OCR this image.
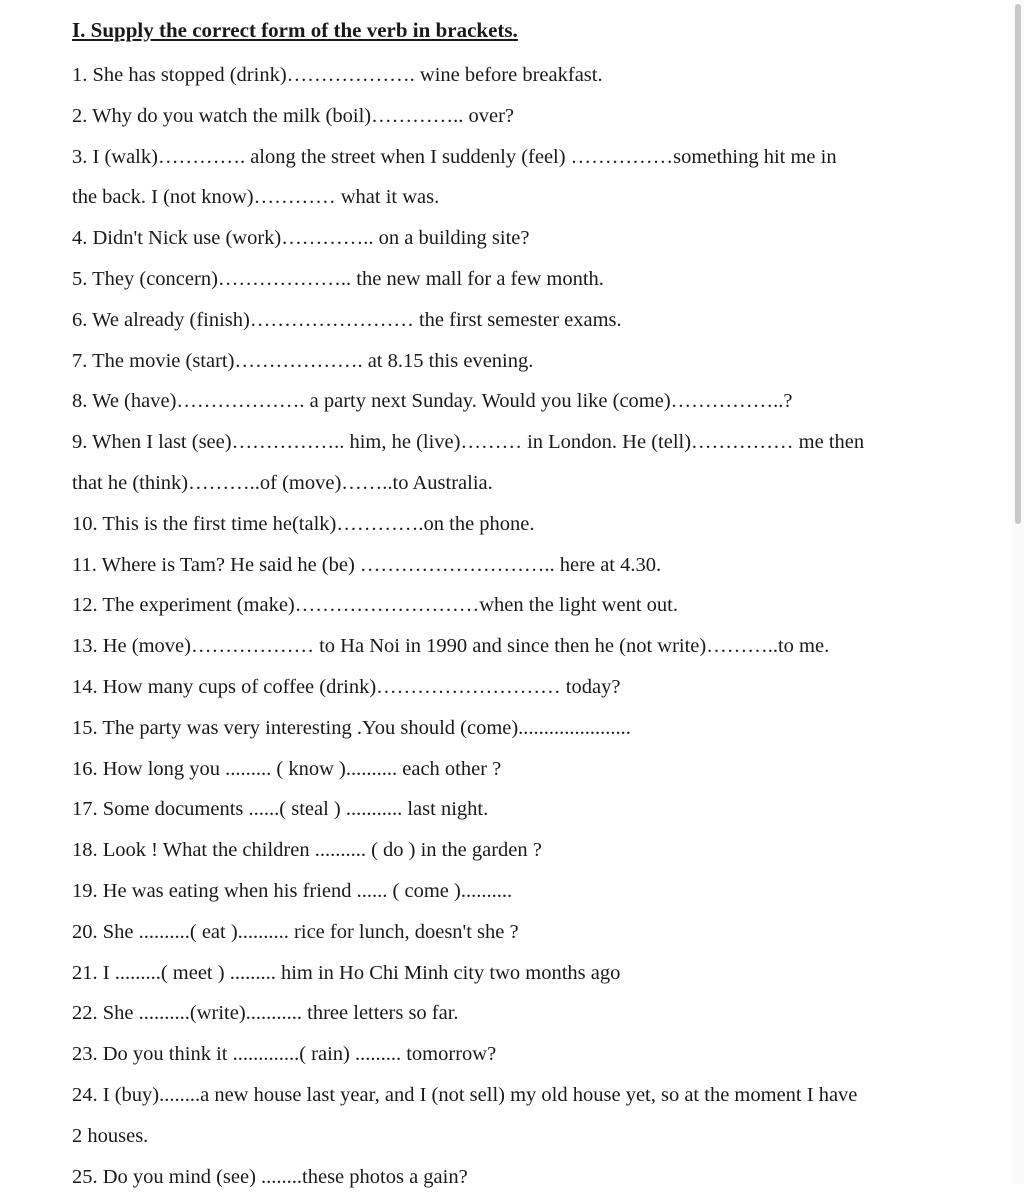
I. Supply the correct form of the verb in brackets.
1. She has stopped (drink)………………. wine before breakfast.
2. Why do you watch the milk (boil)………….. over?
3. I (walk)…………. along the street when I suddenly (feel) ……………something hit me in
the back. I (not know)………… what it was.
4. Didn't Nick use (work)………….. on a building site?
5. They (concern)……………….. the new mall for a few month.
6. We already (finish)…………………… the first semester exams.
7. The movie (start)………………. at 8.15 this evening.
8. We (have)………………. a party next Sunday. Would you like (come)……………..?
9. When I last (see)…………….. him, he (live)……… in London. He (tell)…………… me then
that he (think)………..of (move)……..to Australia.
10. This is the first time he(talk)………….on the phone.
11. Where is Tam? He said he (be) ……………………….. here at 4.30.
12. The experiment (make)………………………when the light went out.
13. He (move)……………… to Ha Noi in 1990 and since then he (not write)………..to me.
14. How many cups of coffee (drink)……………………… today?
15. The party was very interesting .You should (come)......................
16. How long you ......... ( know ).......... each other ?
17. Some documents ......( steal ) ........... last night.
18. Look ! What the children .......... ( do ) in the garden ?
19. He was eating when his friend ...... ( come )..........
20. She ..........( eat ).......... rice for lunch, doesn't she ?
21. I .........( meet ) ......... him in Ho Chi Minh city two months ago
22. She ..........(write)........... three letters so far.
23. Do you think it .............( rain) ......... tomorrow?
24. I (buy)........a new house last year, and I (not sell) my old house yet, so at the moment I have
2 houses.
25. Do you mind (see) ........these photos a gain?
